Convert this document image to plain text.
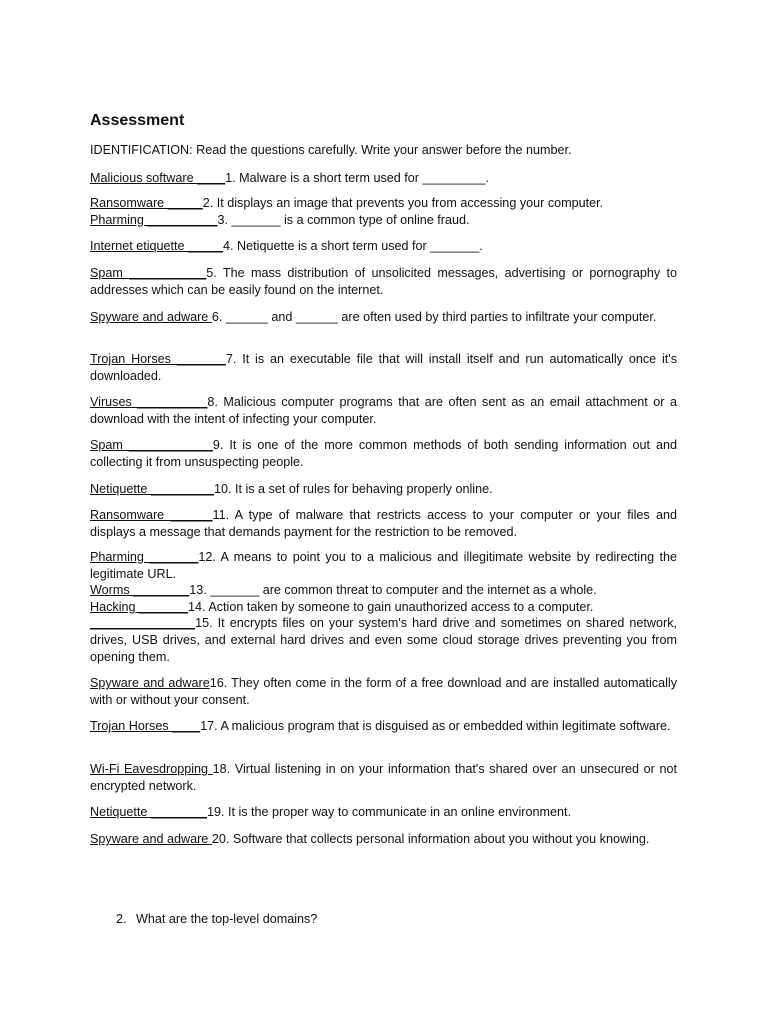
Assessment
IDENTIFICATION: Read the questions carefully. Write your answer before the number.
Malicious software ____1. Malware is a short term used for _________.
Ransomware _____2. It displays an image that prevents you from accessing your computer.
Pharming __________3. _______ is a common type of online fraud.
Internet etiquette _____4. Netiquette is a short term used for _______.
Spam ___________5. The mass distribution of unsolicited messages, advertising or pornography to addresses which can be easily found on the internet.
Spyware and adware 6. ______ and ______ are often used by third parties to infiltrate your computer.
Trojan Horses _______7. It is an executable file that will install itself and run automatically once it's downloaded.
Viruses __________8. Malicious computer programs that are often sent as an email attachment or a download with the intent of infecting your computer.
Spam ____________9. It is one of the more common methods of both sending information out and collecting it from unsuspecting people.
Netiquette _________10. It is a set of rules for behaving properly online.
Ransomware ______11. A type of malware that restricts access to your computer or your files and displays a message that demands payment for the restriction to be removed.
Pharming _______12. A means to point you to a malicious and illegitimate website by redirecting the legitimate URL.
Worms ________13. _______ are common threat to computer and the internet as a whole.
Hacking _______14. Action taken by someone to gain unauthorized access to a computer.
_______________15. It encrypts files on your system's hard drive and sometimes on shared network, drives, USB drives, and external hard drives and even some cloud storage drives preventing you from opening them.
Spyware and adware16. They often come in the form of a free download and are installed automatically with or without your consent.
Trojan Horses ____17. A malicious program that is disguised as or embedded within legitimate software.
Wi-Fi Eavesdropping 18. Virtual listening in on your information that's shared over an unsecured or not encrypted network.
Netiquette ________19. It is the proper way to communicate in an online environment.
Spyware and adware 20. Software that collects personal information about you without you knowing.
2. What are the top-level domains?
